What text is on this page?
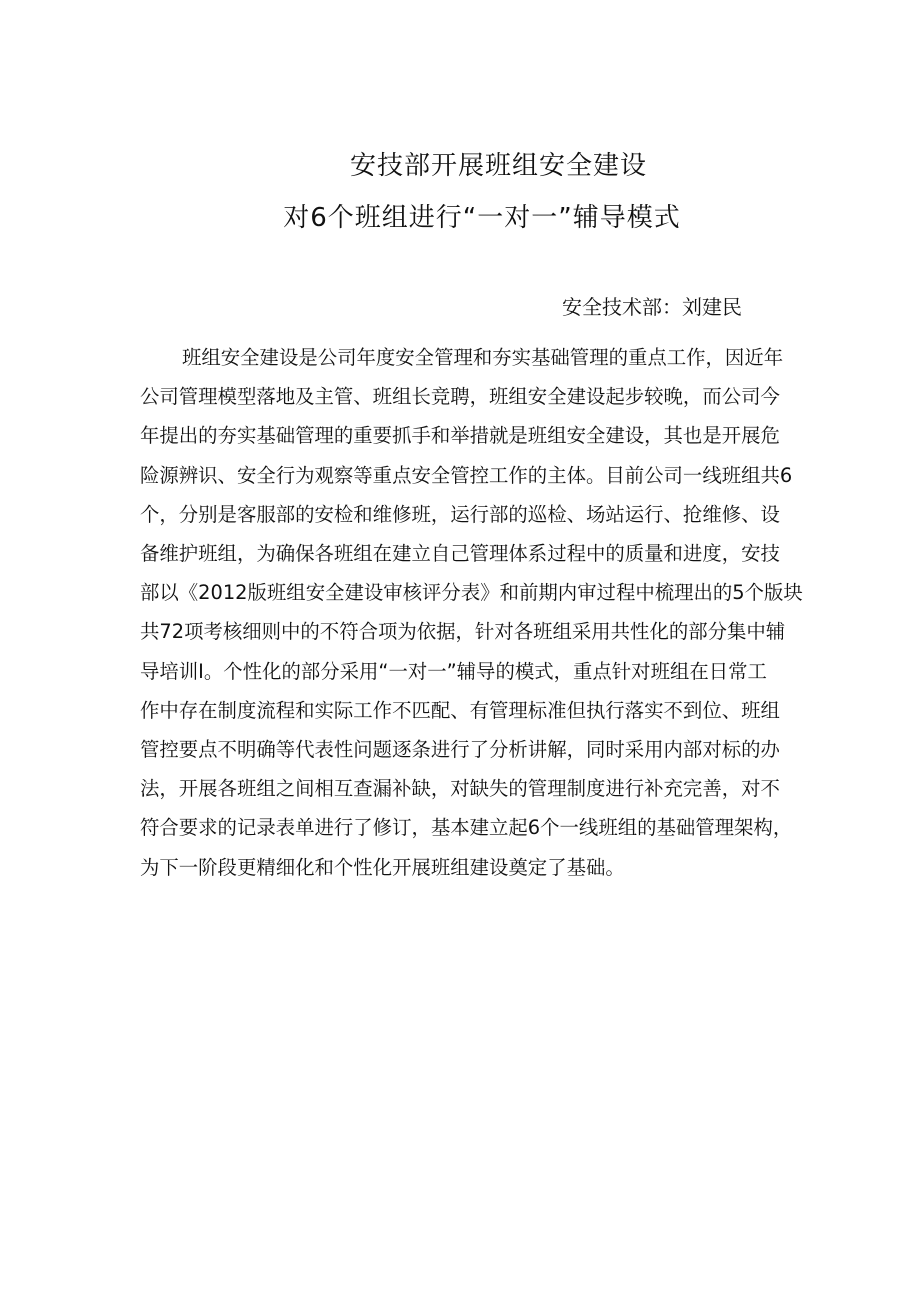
安技部开展班组安全建设
对6个班组进行“一对一”辅导模式
安全技术部：刘建民
班组安全建设是公司年度安全管理和夯实基础管理的重点工作，因近年
公司管理模型落地及主管、班组长竞聘，班组安全建设起步较晚，而公司今
年提出的夯实基础管理的重要抓手和举措就是班组安全建设，其也是开展危
险源辨识、安全行为观察等重点安全管控工作的主体。目前公司一线班组共6
个，分别是客服部的安检和维修班，运行部的巡检、场站运行、抢维修、设
备维护班组，为确保各班组在建立自己管理体系过程中的质量和进度，安技
部以《2012版班组安全建设审核评分表》和前期内审过程中梳理出的5个版块
共72项考核细则中的不符合项为依据，针对各班组采用共性化的部分集中辅
导培训I。个性化的部分采用“一对一”辅导的模式，重点针对班组在日常工
作中存在制度流程和实际工作不匹配、有管理标准但执行落实不到位、班组
管控要点不明确等代表性问题逐条进行了分析讲解，同时采用内部对标的办
法，开展各班组之间相互查漏补缺，对缺失的管理制度进行补充完善，对不
符合要求的记录表单进行了修订，基本建立起6个一线班组的基础管理架构，
为下一阶段更精细化和个性化开展班组建设奠定了基础。
